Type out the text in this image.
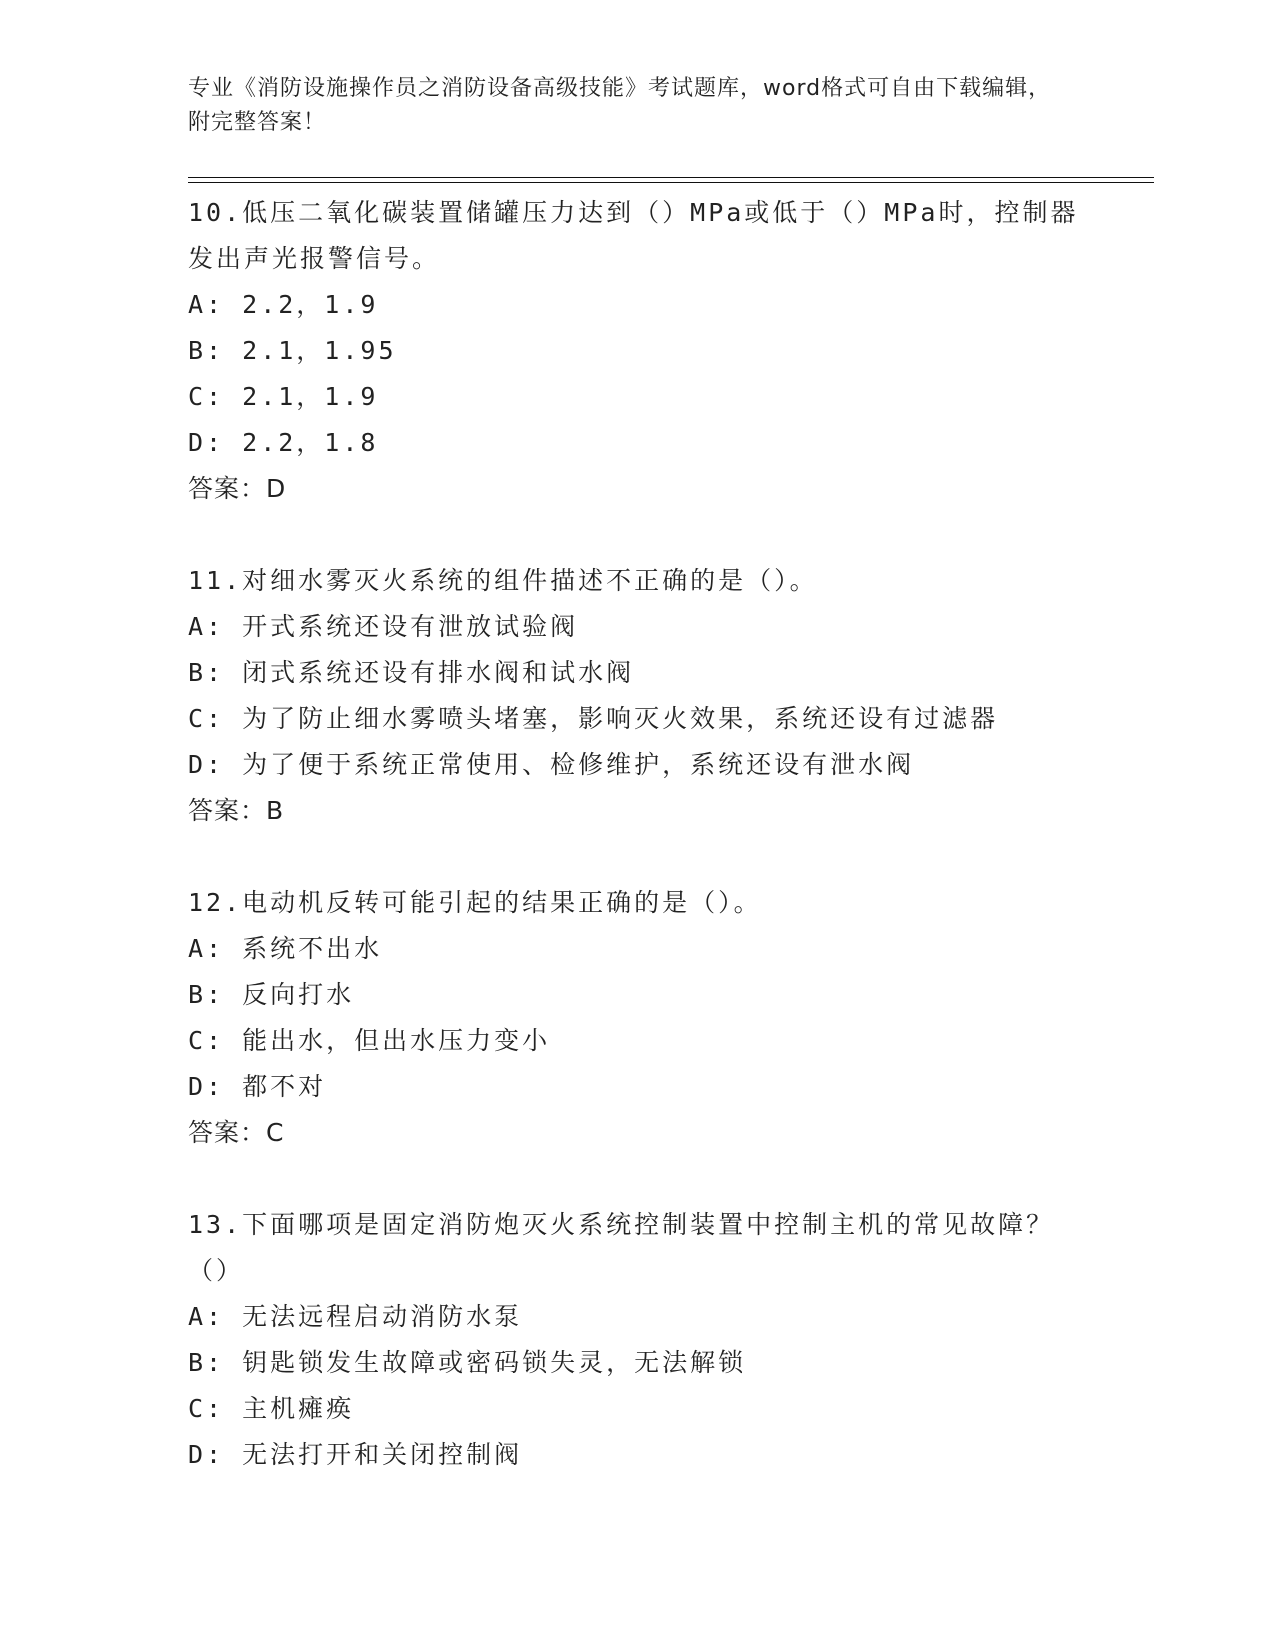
专业《消防设施操作员之消防设备高级技能》考试题库，word格式可自由下载编辑，附完整答案！

10.低压二氧化碳装置储罐压力达到（）MPa或低于（）MPa时，控制器发出声光报警信号。

A: 2.2，1.9

B: 2.1，1.95

C: 2.1，1.9

D: 2.2，1.8

答案：D

11.对细水雾灭火系统的组件描述不正确的是（）。

A: 开式系统还设有泄放试验阀

B: 闭式系统还设有排水阀和试水阀

C: 为了防止细水雾喷头堵塞，影响灭火效果，系统还设有过滤器

D: 为了便于系统正常使用、检修维护，系统还设有泄水阀

答案：B

12.电动机反转可能引起的结果正确的是（）。

A: 系统不出水

B: 反向打水

C: 能出水，但出水压力变小

D: 都不对

答案：C

13.下面哪项是固定消防炮灭火系统控制装置中控制主机的常见故障？（）

A: 无法远程启动消防水泵

B: 钥匙锁发生故障或密码锁失灵，无法解锁

C: 主机瘫痪

D: 无法打开和关闭控制阀
